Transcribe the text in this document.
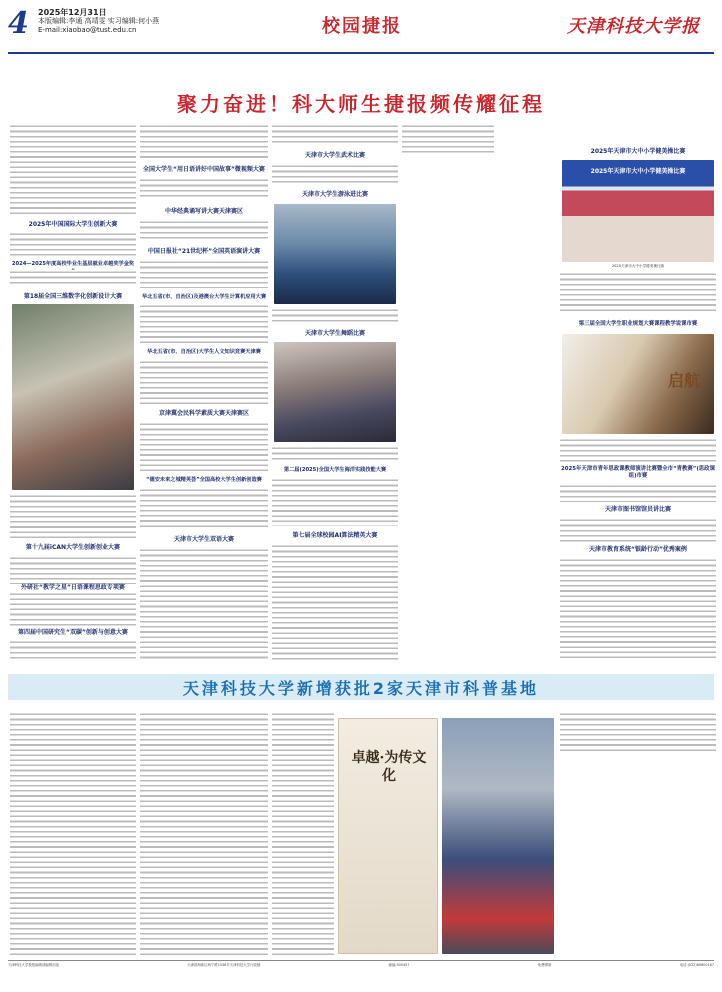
4 2025年12月31日
本版编辑:李通 高靖雯 实习编辑:何小燕
E-mail:xiaobao@tust.edu.cn	校园捷报	天津科技大学报
聚力奋进！科大师生捷报频传耀征程
2025年中国国际大学生创新大赛
2024—2025年度高校毕业生基层就业卓越奖学金奖
第18届全国三维数字化创新设计大赛
第十九届iCAN大学生创新创业大赛
外研社“教学之星”日语课程思政专项赛
第四届中国研究生“双碳”创新与创意大赛
全国大学生“用日语讲好中国故事”微视频大赛
中华经典诵写讲大赛天津赛区
中国日报社“21世纪杯”全国英语演讲大赛
华北五省(市、自治区)及港澳台大学生计算机应用大赛
华北五省(市、自治区)大学生人文知识竞赛天津赛
京津冀会民科学素质大赛天津赛区
“德安未来之城精英荟”全国高校大学生创新创造赛
天津市大学生双语大赛
天津市大学生武术比赛
天津市大学生游泳进比赛
天津市大学生舞蹈比赛
第二届(2025)全国大学生海洋实践技能大赛
第七届全球校园AI算法精英大赛
2025年天津市大中小学健美操比赛
2025年天津市大中小学健美操比赛
2025天津市大中小学健美操比赛
第三届全国大学生职业规划大赛课程教学说课市赛
启航
2025年天津市青年思政课教师演讲比赛暨全市“青教赛”(思政课组)市赛
天津市图书馆馆员讲比赛
天津市教育系统“银龄行动”优秀案例
天津科技大学新增获批2家天津市科普基地
卓越·为传文化
天津科技大学校报编辑部编辑出版	天津滨海新区海宁路1038号天津科技大学行政楼	邮编:300457	免费赠阅	电话:(022)60600187
